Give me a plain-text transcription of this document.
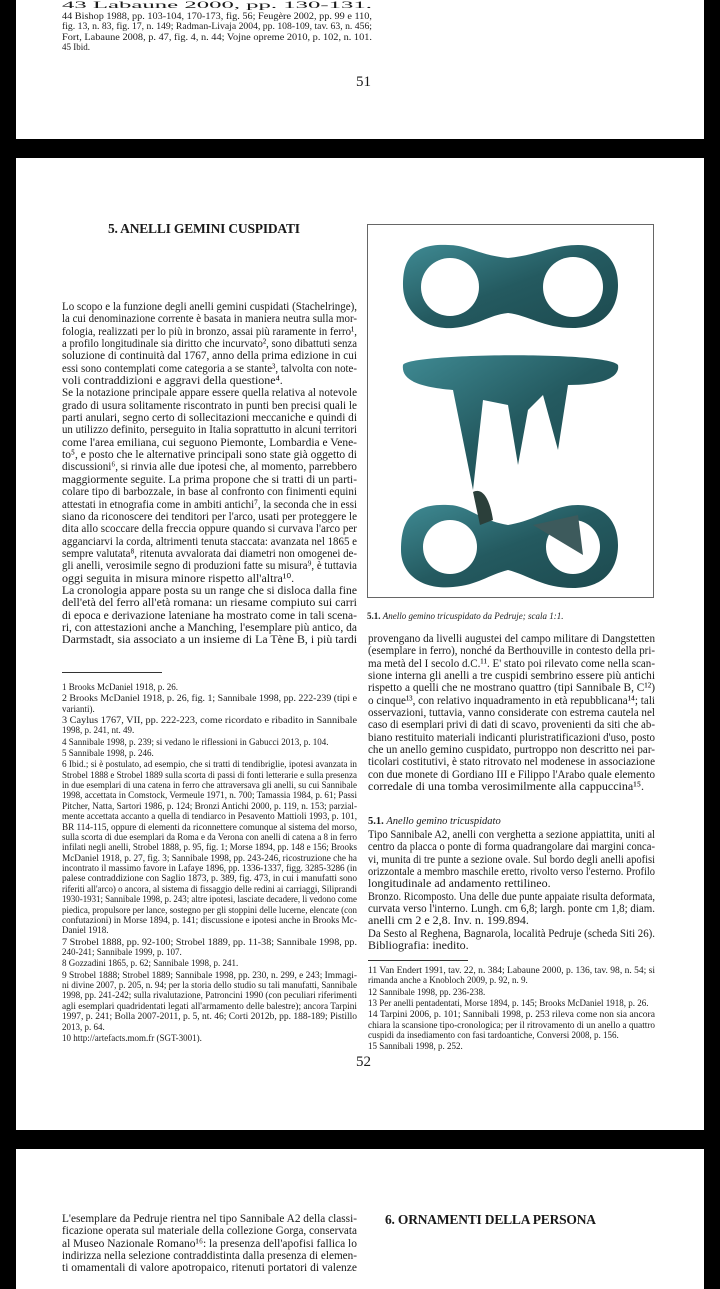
43 Labaune 2000, pp. 130-131.
44 Bishop 1988, pp. 103-104, 170-173, fig. 56; Feugère 2002, pp. 99 e 110,
fig. 13, n. 83, fig. 17, n. 149; Radman-Livaja 2004, pp. 108-109, tav. 63, n. 456;
Fort, Labaune 2008, p. 47, fig. 4, n. 44; Vojne opreme 2010, p. 102, n. 101.
45 Ibid.
51
5. ANELLI GEMINI CUSPIDATI
Lo scopo e la funzione degli anelli gemini cuspidati (Stachelringe),
la cui denominazione corrente è basata in maniera neutra sulla mor-
fologia, realizzati per lo più in bronzo, assai più raramente in ferro¹,
a profilo longitudinale sia diritto che incurvato², sono dibattuti senza
soluzione di continuità dal 1767, anno della prima edizione in cui
essi sono contemplati come categoria a se stante³, talvolta con note-
voli contraddizioni e aggravi della questione⁴.
Se la notazione principale appare essere quella relativa al notevole
grado di usura solitamente riscontrato in punti ben precisi quali le
parti anulari, segno certo di sollecitazioni meccaniche e quindi di
un utilizzo definito, perseguito in Italia soprattutto in alcuni territori
come l'area emiliana, cui seguono Piemonte, Lombardia e Vene-
to⁵, e posto che le alternative principali sono state già oggetto di
discussioni⁶, si rinvia alle due ipotesi che, al momento, parrebbero
maggiormente seguite. La prima propone che si tratti di un parti-
colare tipo di barbozzale, in base al confronto con finimenti equini
attestati in etnografia come in ambiti antichi⁷, la seconda che in essi
siano da riconoscere dei tenditori per l'arco, usati per proteggere le
dita allo scoccare della freccia oppure quando si curvava l'arco per
agganciarvi la corda, altrimenti tenuta staccata: avanzata nel 1865 e
sempre valutata⁸, ritenuta avvalorata dai diametri non omogenei de-
gli anelli, verosimile segno di produzioni fatte su misura⁹, è tuttavia
oggi seguita in misura minore rispetto all'altra¹⁰.
La cronologia appare posta su un range che si disloca dalla fine
dell'età del ferro all'età romana: un riesame compiuto sui carri
di epoca e derivazione lateniane ha mostrato come in tali scena-
ri, con attestazioni anche a Manching, l'esemplare più antico, da
Darmstadt, sia associato a un insieme di La Tène B, i più tardi
1 Brooks McDaniel 1918, p. 26.
2 Brooks McDaniel 1918, p. 26, fig. 1; Sannibale 1998, pp. 222-239 (tipi e
varianti).
3 Caylus 1767, VII, pp. 222-223, come ricordato e ribadito in Sannibale
1998, p. 241, nt. 49.
4 Sannibale 1998, p. 239; si vedano le riflessioni in Gabucci 2013, p. 104.
5 Sannibale 1998, p. 246.
6 Ibid.; si è postulato, ad esempio, che si tratti di tendibriglie, ipotesi avanzata in
Strobel 1888 e Strobel 1889 sulla scorta di passi di fonti letterarie e sulla presenza
in due esemplari di una catena in ferro che attraversava gli anelli, su cui Sannibale
1998, accettata in Comstock, Vermeule 1971, n. 700; Tamassia 1984, p. 61; Passi
Pitcher, Natta, Sartori 1986, p. 124; Bronzi Antichi 2000, p. 119, n. 153; parzial-
mente accettata accanto a quella di tendiarco in Pesavento Mattioli 1993, p. 101,
BR 114-115, oppure di elementi da riconnettere comunque al sistema del morso,
sulla scorta di due esemplari da Roma e da Verona con anelli di catena a 8 in ferro
infilati negli anelli, Strobel 1888, p. 95, fig. 1; Morse 1894, pp. 148 e 156; Brooks
McDaniel 1918, p. 27, fig. 3; Sannibale 1998, pp. 243-246, ricostruzione che ha
incontrato il massimo favore in Lafaye 1896, pp. 1336-1337, figg. 3285-3286 (in
palese contraddizione con Saglio 1873, p. 389, fig. 473, in cui i manufatti sono
riferiti all'arco) o ancora, al sistema di fissaggio delle redini ai carriaggi, Siliprandi
1930-1931; Sannibale 1998, p. 243; altre ipotesi, lasciate decadere, li vedono come
piedica, propulsore per lance, sostegno per gli stoppini delle lucerne, elencate (con
confutazioni) in Morse 1894, p. 141; discussione e ipotesi anche in Brooks Mc-
Daniel 1918.
7 Strobel 1888, pp. 92-100; Strobel 1889, pp. 11-38; Sannibale 1998, pp.
240-241; Sannibale 1999, p. 107.
8 Gozzadini 1865, p. 62; Sannibale 1998, p. 241.
9 Strobel 1888; Strobel 1889; Sannibale 1998, pp. 230, n. 299, e 243; Immagi-
ni divine 2007, p. 205, n. 94; per la storia dello studio su tali manufatti, Sannibale
1998, pp. 241-242; sulla rivalutazione, Patroncini 1990 (con peculiari riferimenti
agli esemplari quadridentati legati all'armamento delle balestre); ancora Tarpini
1997, p. 241; Bolla 2007-2011, p. 5, nt. 46; Corti 2012b, pp. 188-189; Pistillo
2013, p. 64.
10 http://artefacts.mom.fr (SGT-3001).
5.1. Anello gemino tricuspidato da Pedruje; scala 1:1.
provengano da livelli augustei del campo militare di Dangstetten
(esemplare in ferro), nonché da Berthouville in contesto della pri-
ma metà del I secolo d.C.¹¹. E' stato poi rilevato come nella scan-
sione interna gli anelli a tre cuspidi sembrino essere più antichi
rispetto a quelli che ne mostrano quattro (tipi Sannibale B, C¹²)
o cinque¹³, con relativo inquadramento in età repubblicana¹⁴; tali
osservazioni, tuttavia, vanno considerate con estrema cautela nel
caso di esemplari privi di dati di scavo, provenienti da siti che ab-
biano restituito materiali indicanti pluristratificazioni d'uso, posto
che un anello gemino cuspidato, purtroppo non descritto nei par-
ticolari costitutivi, è stato ritrovato nel modenese in associazione
con due monete di Gordiano III e Filippo l'Arabo quale elemento
corredale di una tomba verosimilmente alla cappuccina¹⁵.
5.1. Anello gemino tricuspidato
Tipo Sannibale A2, anelli con verghetta a sezione appiattita, uniti al
centro da placca o ponte di forma quadrangolare dai margini conca-
vi, munita di tre punte a sezione ovale. Sul bordo degli anelli apofisi
orizzontale a membro maschile eretto, rivolto verso l'esterno. Profilo
longitudinale ad andamento rettilineo.
Bronzo. Ricomposto. Una delle due punte appaiate risulta deformata,
curvata verso l'interno. Lungh. cm 6,8; largh. ponte cm 1,8; diam.
anelli cm 2 e 2,8. Inv. n. 199.894.
Da Sesto al Reghena, Bagnarola, località Pedruje (scheda Siti 26).
Bibliografia: inedito.
11 Van Endert 1991, tav. 22, n. 384; Labaune 2000, p. 136, tav. 98, n. 54; si
rimanda anche a Knobloch 2009, p. 92, n. 9.
12 Sannibale 1998, pp. 236-238.
13 Per anelli pentadentati, Morse 1894, p. 145; Brooks McDaniel 1918, p. 26.
14 Tarpini 2006, p. 101; Sannibali 1998, p. 253 rileva come non sia ancora
chiara la scansione tipo-cronologica; per il ritrovamento di un anello a quattro
cuspidi da insediamento con fasi tardoantiche, Conversi 2008, p. 156.
15 Sannibali 1998, p. 252.
52
L'esemplare da Pedruje rientra nel tipo Sannibale A2 della classi-
ficazione operata sul materiale della collezione Gorga, conservata
al Museo Nazionale Romano¹⁶: la presenza dell'apofisi fallica lo
indirizza nella selezione contraddistinta dalla presenza di elemen-
ti omamentali di valore apotropaico, ritenuti portatori di valenze
6. ORNAMENTI DELLA PERSONA
